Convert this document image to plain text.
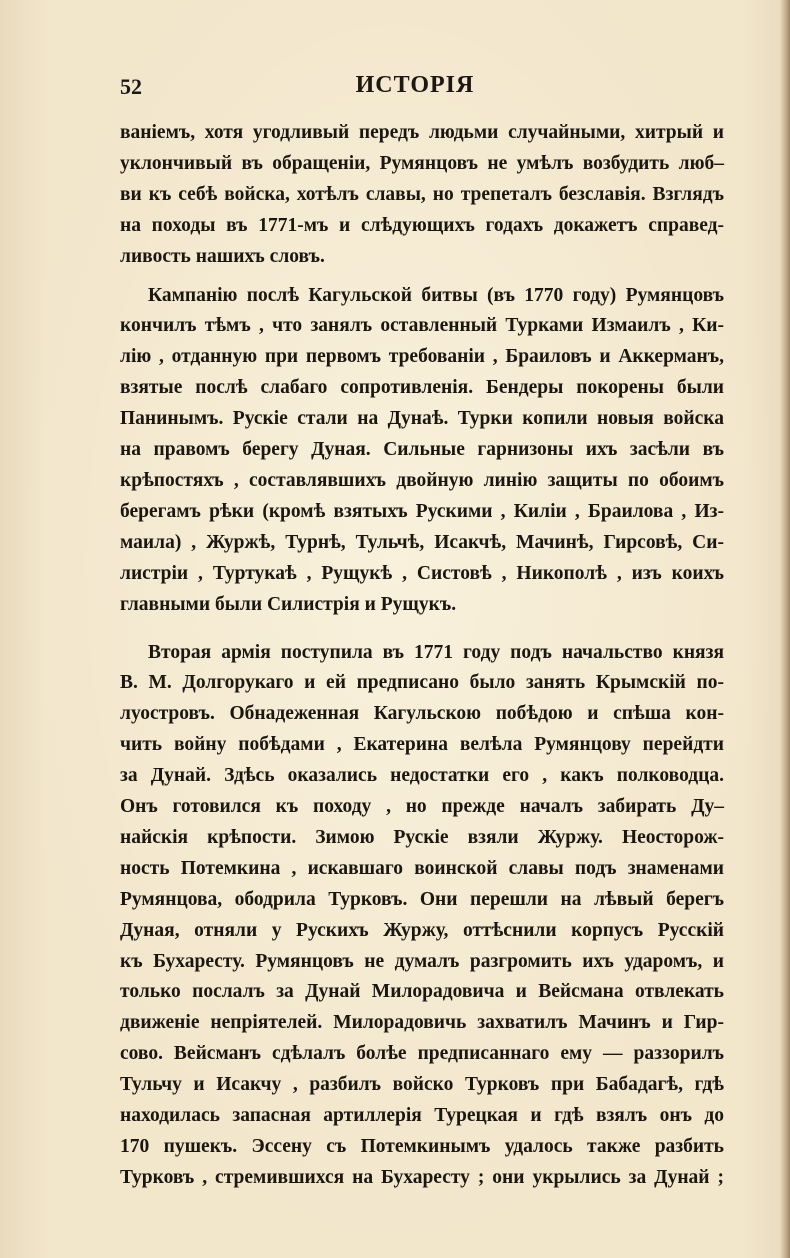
52	ИСТОРІЯ
ваніемъ, хотя угодливый передъ людьми случайными, хитрый и
уклончивый въ обращеніи, Румянцовъ не умѣлъ возбудить люб–
ви къ себѣ войска, хотѣлъ славы, но трепеталъ безславія. Взглядъ
на походы въ 1771-мъ и слѣдующихъ годахъ докажетъ справед-
ливость нашихъ словъ.
Кампанію послѣ Кагульской битвы (въ 1770 году) Румянцовъ
кончилъ тѣмъ , что занялъ оставленный Турками Измаилъ , Ки-
лію , отданную при первомъ требованіи , Браиловъ и Аккерманъ,
взятые послѣ слабаго сопротивленія. Бендеры покорены были
Панинымъ. Рускіе стали на Дунаѣ. Турки копили новыя войска
на правомъ берегу Дуная. Сильные гарнизоны ихъ засѣли въ
крѣпостяхъ , составлявшихъ двойную линію защиты по обоимъ
берегамъ рѣки (кромѣ взятыхъ Рускими , Киліи , Браилова , Из-
маила) , Журжѣ, Турнѣ, Тульчѣ, Исакчѣ, Мачинѣ, Гирсовѣ, Си-
листріи , Туртукаѣ , Рущукѣ , Систовѣ , Никополѣ , изъ коихъ
главными были Силистрія и Рущукъ.
Вторая армія поступила въ 1771 году подъ начальство князя
В. М. Долгорукаго и ей предписано было занять Крымскій по-
луостровъ. Обнадеженная Кагульскою побѣдою и спѣша кон-
чить войну побѣдами , Екатерина велѣла Румянцову перейдти
за Дунай. Здѣсь оказались недостатки его , какъ полководца.
Онъ готовился къ походу , но прежде началъ забирать Ду–
найскія крѣпости. Зимою Рускіе взяли Журжу. Неосторож-
ность Потемкина , искавшаго воинской славы подъ знаменами
Румянцова, ободрила Турковъ. Они перешли на лѣвый берегъ
Дуная, отняли у Рускихъ Журжу, оттѣснили корпусъ Русскій
къ Бухаресту. Румянцовъ не думалъ разгромить ихъ ударомъ, и
только послалъ за Дунай Милорадовича и Вейсмана отвлекать
движеніе непріятелей. Милорадовичь захватилъ Мачинъ и Гир-
сово. Вейсманъ сдѣлалъ болѣе предписаннаго ему — раззорилъ
Тульчу и Исакчу , разбилъ войско Турковъ при Бабадагѣ, гдѣ
находилась запасная артиллерія Турецкая и гдѣ взялъ онъ до
170 пушекъ. Эссену съ Потемкинымъ удалось также разбить
Турковъ , стремившихся на Бухаресту ; они укрылись за Дунай ;
